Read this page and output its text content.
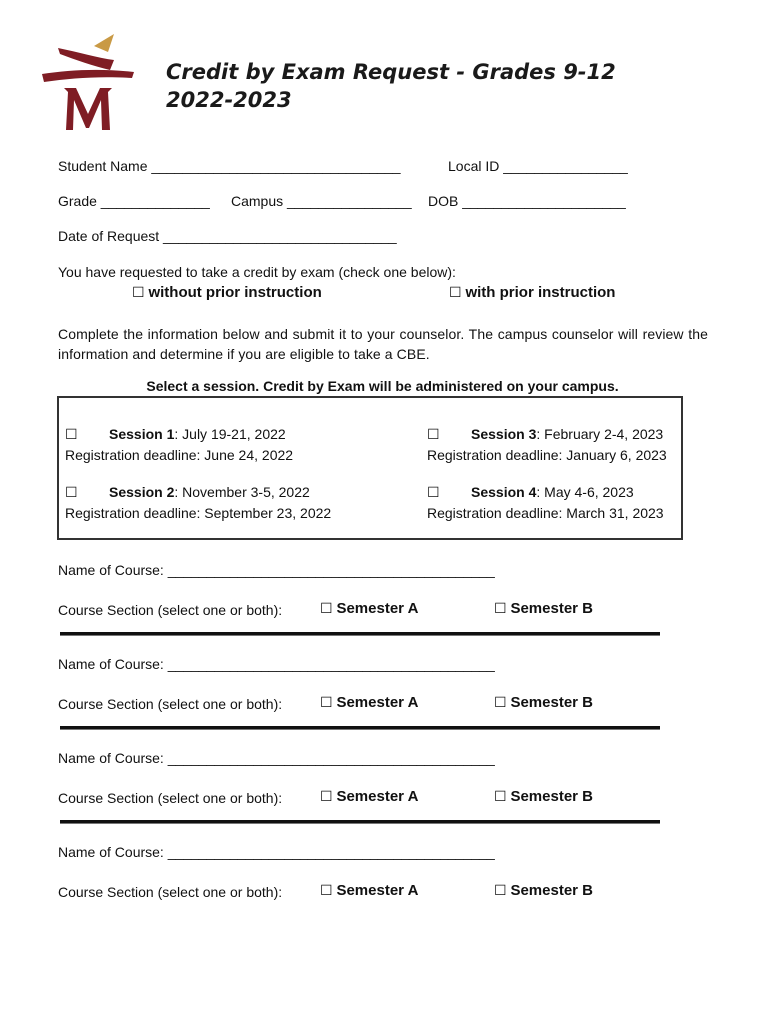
Credit by Exam Request - Grades 9-12
2022-2023
Student Name ________________________________	Local ID ________________
Grade ______________ Campus ________________ DOB _____________________
Date of Request ______________________________
You have requested to take a credit by exam (check one below):
☐ without prior instruction	☐ with prior instruction
Complete the information below and submit it to your counselor. The campus counselor will review the information and determine if you are eligible to take a CBE.
Select a session. Credit by Exam will be administered on your campus.
☐ Session 1: July 19-21, 2022
Registration deadline: June 24, 2022
☐ Session 3: February 2-4, 2023
Registration deadline: January 6, 2023
☐ Session 2: November 3-5, 2022
Registration deadline: September 23, 2022
☐ Session 4: May 4-6, 2023
Registration deadline: March 31, 2023
Name of Course: __________________________________________
Course Section (select one or both):	☐ Semester A	☐ Semester B
Name of Course: __________________________________________
Course Section (select one or both):	☐ Semester A	☐ Semester B
Name of Course: __________________________________________
Course Section (select one or both):	☐ Semester A	☐ Semester B
Name of Course: __________________________________________
Course Section (select one or both):	☐ Semester A	☐ Semester B
